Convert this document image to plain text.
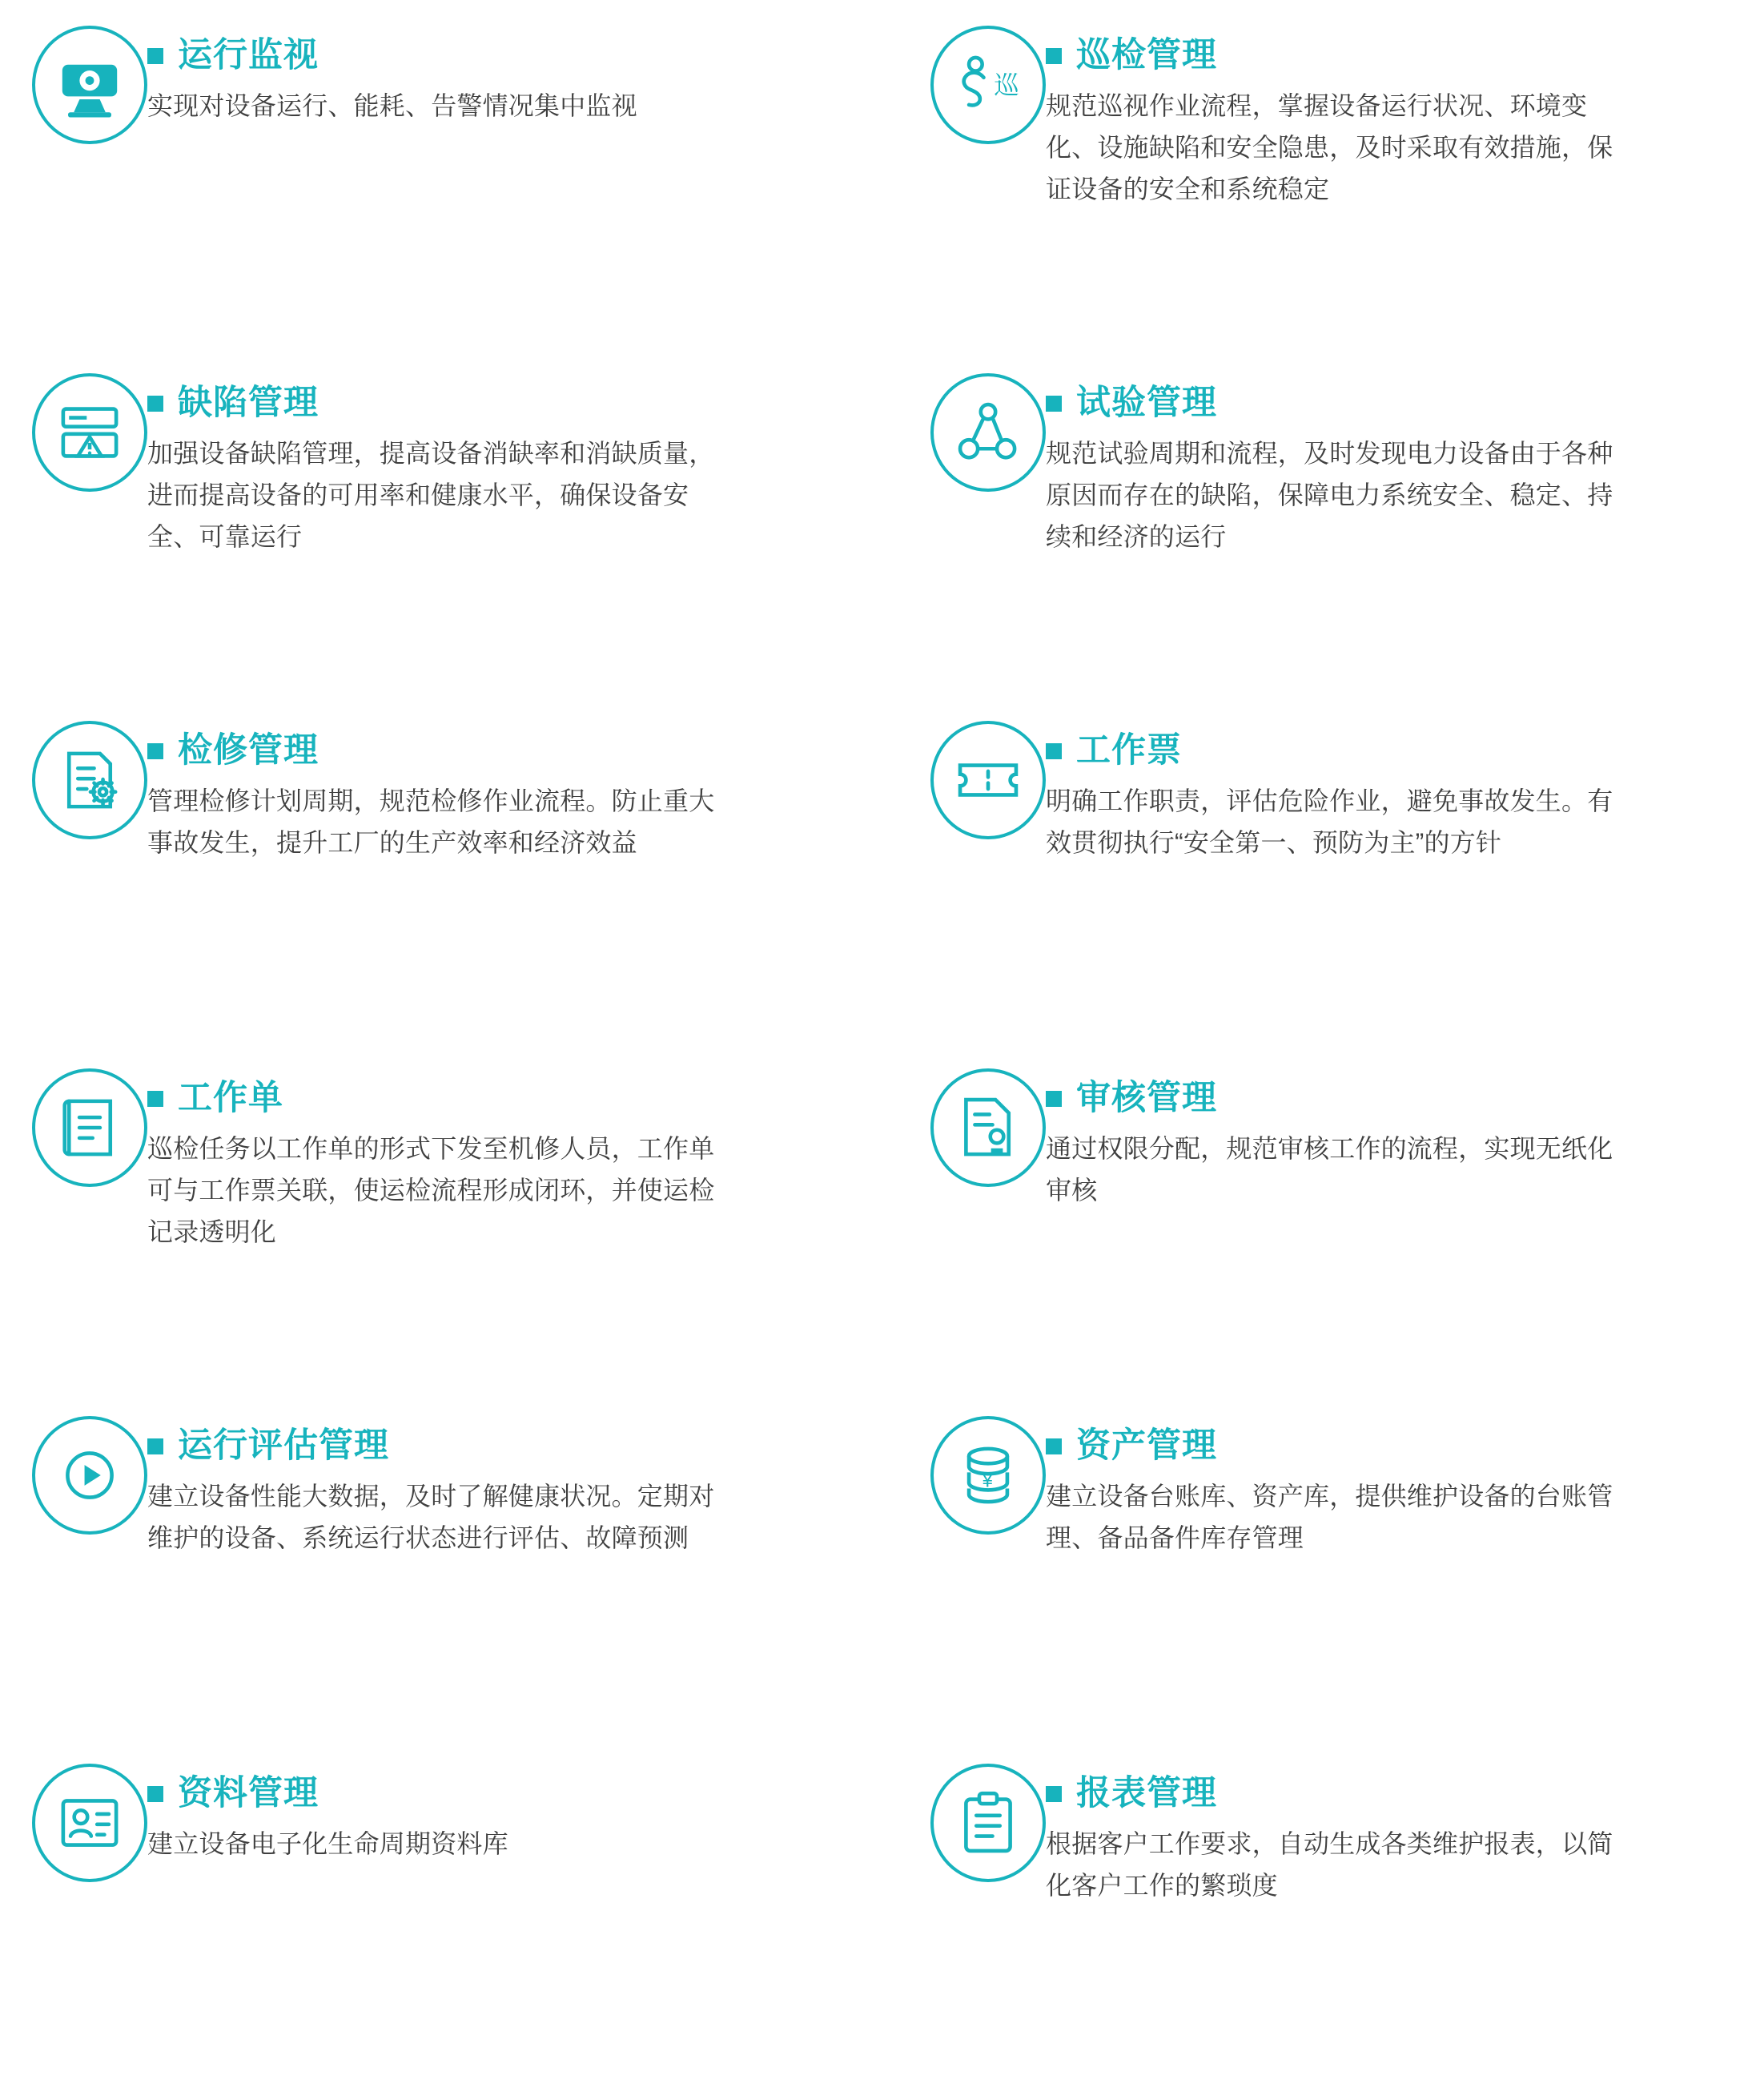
运行监视
实现对设备运行、能耗、告警情况集中监视
巡
巡检管理
规范巡视作业流程，掌握设备运行状况、环境变化、设施缺陷和安全隐患，及时采取有效措施，保证设备的安全和系统稳定
缺陷管理
加强设备缺陷管理，提高设备消缺率和消缺质量，进而提高设备的可用率和健康水平，确保设备安全、可靠运行
试验管理
规范试验周期和流程，及时发现电力设备由于各种原因而存在的缺陷，保障电力系统安全、稳定、持续和经济的运行
检修管理
管理检修计划周期，规范检修作业流程。防止重大事故发生，提升工厂的生产效率和经济效益
工作票
明确工作职责，评估危险作业，避免事故发生。有效贯彻执行“安全第一、预防为主”的方针
工作单
巡检任务以工作单的形式下发至机修人员，工作单可与工作票关联，使运检流程形成闭环，并使运检记录透明化
审核管理
通过权限分配，规范审核工作的流程，实现无纸化审核
运行评估管理
建立设备性能大数据，及时了解健康状况。定期对维护的设备、系统运行状态进行评估、故障预测
¥
资产管理
建立设备台账库、资产库，提供维护设备的台账管理、备品备件库存管理
资料管理
建立设备电子化生命周期资料库
报表管理
根据客户工作要求，自动生成各类维护报表，以简化客户工作的繁琐度
